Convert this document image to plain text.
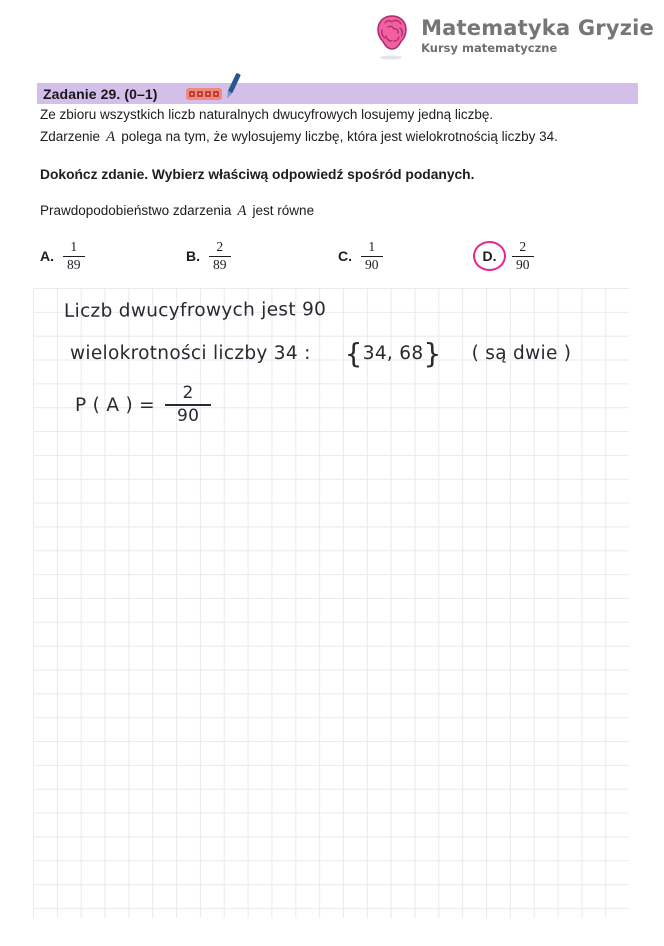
Matematyka Gryzie
Kursy matematyczne
Zadanie 29. (0–1)
Ze zbioru wszystkich liczb naturalnych dwucyfrowych losujemy jedną liczbę.
Zdarzenie A polega na tym, że wylosujemy liczbę, która jest wielokrotnością liczby 34.
Dokończ zdanie. Wybierz właściwą odpowiedź spośród podanych.
Prawdopodobieństwo zdarzenia A jest równe
A. $\frac{1}{89}$	B. $\frac{2}{89}$	C. $\frac{1}{90}$	D. $\frac{2}{90}$
Liczb dwucyfrowych jest 90
wielokrotności liczby 34 : {34, 68} ( są dwie )
P ( A ) = $\frac{2}{90}$
